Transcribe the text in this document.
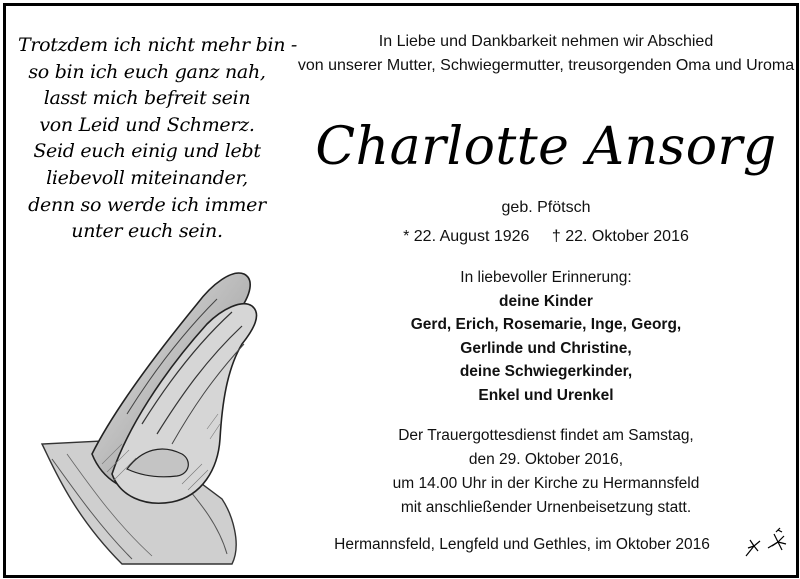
Trotzdem ich nicht mehr bin -
so bin ich euch ganz nah,
lasst mich befreit sein
von Leid und Schmerz.
Seid euch einig und lebt
liebevoll miteinander,
denn so werde ich immer
unter euch sein.
In Liebe und Dankbarkeit nehmen wir Abschied
von unserer Mutter, Schwiegermutter, treusorgenden Oma und Uroma
Charlotte Ansorg
geb. Pfötsch
* 22. August 1926 † 22. Oktober 2016
In liebevoller Erinnerung:
deine Kinder
Gerd, Erich, Rosemarie, Inge, Georg,
Gerlinde und Christine,
deine Schwiegerkinder,
Enkel und Urenkel
Der Trauergottesdienst findet am Samstag,
den 29. Oktober 2016,
um 14.00 Uhr in der Kirche zu Hermannsfeld
mit anschließender Urnenbeisetzung statt.
Hermannsfeld, Lengfeld und Gethles, im Oktober 2016
